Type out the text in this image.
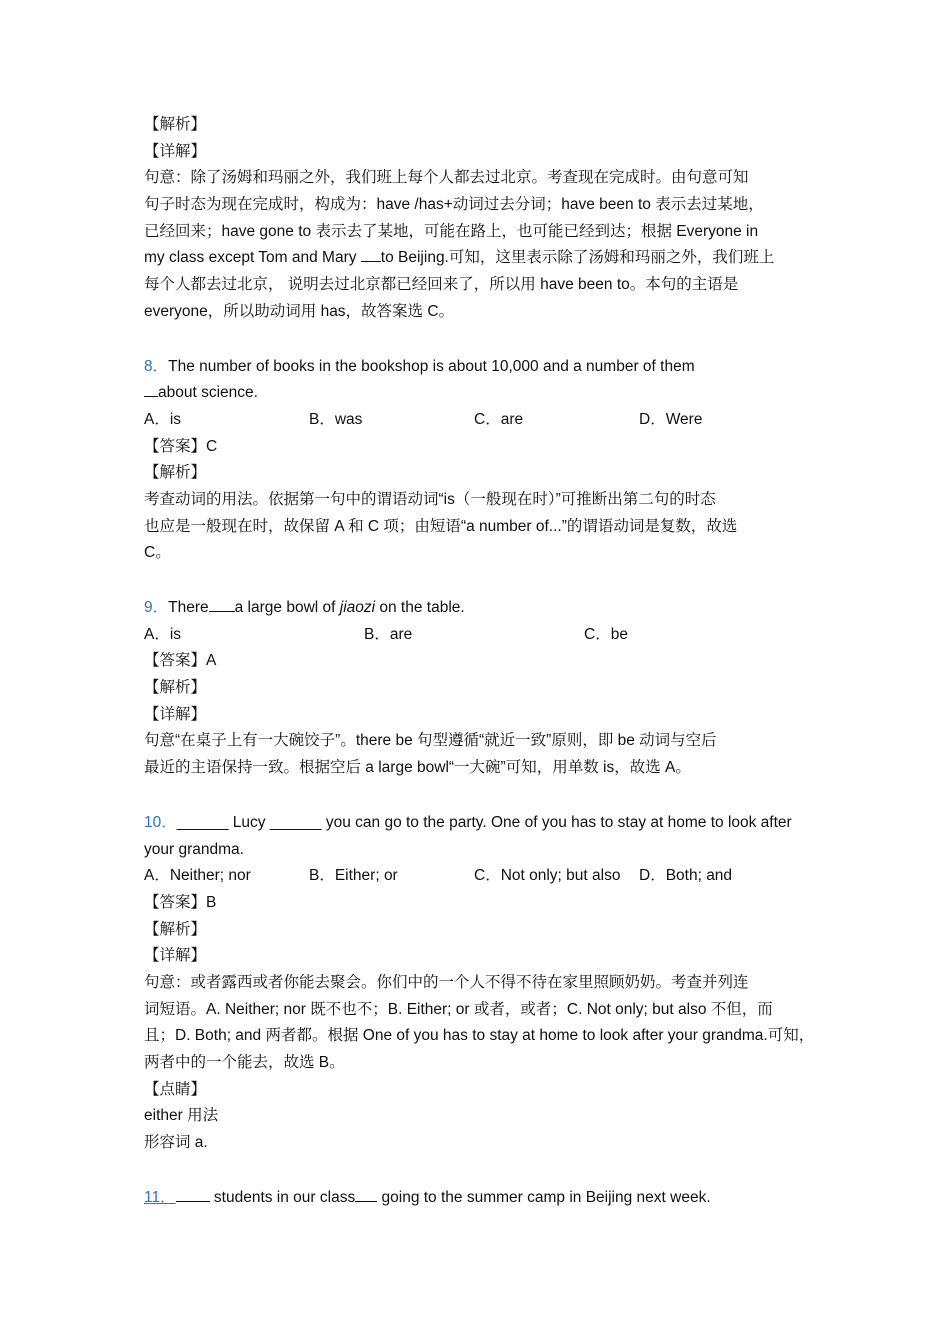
【解析】
【详解】
句意：除了汤姆和玛丽之外，我们班上每个人都去过北京。考查现在完成时。由句意可知
句子时态为现在完成时，构成为：have /has+动词过去分词；have been to 表示去过某地，
已经回来；have gone to 表示去了某地，可能在路上，也可能已经到达；根据 Everyone in
my class except Tom and Mary to Beijing.可知，这里表示除了汤姆和玛丽之外，我们班上
每个人都去过北京， 说明去过北京都已经回来了，所以用 have been to。本句的主语是
everyone，所以助动词用 has，故答案选 C。
8．The number of books in the bookshop is about 10,000 and a number of them
about science.
A．is	B．was	C．are	D．Were
【答案】C
【解析】
考查动词的用法。依据第一句中的谓语动词“is（一般现在时）”可推断出第二句的时态
也应是一般现在时，故保留 A 和 C 项；由短语“a number of...”的谓语动词是复数，故选
C。
9．There a large bowl of jiaozi on the table.
A．is	B．are	C．be
【答案】A
【解析】
【详解】
句意“在桌子上有一大碗饺子”。there be 句型遵循“就近一致”原则，即 be 动词与空后
最近的主语保持一致。根据空后 a large bowl“一大碗”可知，用单数 is，故选 A。
10．______ Lucy ______ you can go to the party. One of you has to stay at home to look after
your grandma.
A．Neither; nor	B．Either; or	C．Not only; but also	D．Both; and
【答案】B
【解析】
【详解】
句意：或者露西或者你能去聚会。你们中的一个人不得不待在家里照顾奶奶。考查并列连
词短语。A. Neither; nor 既不也不；B. Either; or 或者，或者；C. Not only; but also 不但，而
且；D. Both; and 两者都。根据 One of you has to stay at home to look after your grandma.可知，
两者中的一个能去，故选 B。
【点睛】
either 用法
形容词 a.
11． students in our class going to the summer camp in Beijing next week.
